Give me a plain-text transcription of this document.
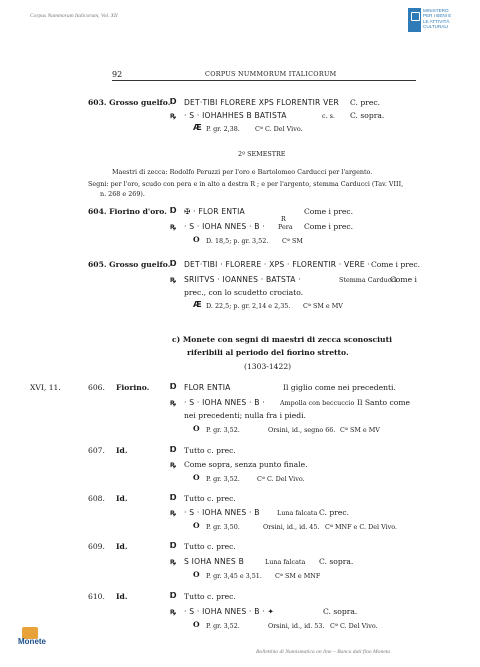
Corpus Nummorum Italicorum, Vol. XII
MINISTERO
PER I BENI E
LE ATTIVITÀ
CULTURALI
92	CORPUS NUMMORUM ITALICORUM
603. Grosso guelfo. Ɒ DET·TIBI FLORERE XPS FLORENTIR VER C. prec.
ꝶ · S · IOHAHHES B BATISTA	c. s. C. sopra.
Æ P. gr. 2,38. Cª C. Del Vivo.
2º SEMESTRE
Maestri di zecca: Rodolfo Peruzzi per l'oro e Bartolomeo Carducci per l'argento.
Segni: per l'oro, scudo con pera e in alto a destra R ; e per l'argento, stemma Carducci (Tav. VIII,
n. 268 e 269).
604. Fiorino d'oro. Ɒ ✠ · FLOR ENTIA	Come i prec.
ꝶ · S · IOHA NNES · B ·
R
Pera Come i prec.
O D. 18,5; p. gr. 3,52. Cª SM
605. Grosso guelfo. Ɒ DET·TIBI · FLORERE · XPS · FLORENTIR · VERE · Come i prec.
ꝶ SRIITVS · IOANNES · BATSTA ·	Stemma Carducci
Come i
prec., con lo scudetto crociato.
Æ D. 22,5; p. gr. 2,14 e 2,35. Cª SM e MV
c) Monete con segni di maestri di zecca sconosciuti
riferibili al periodo del fiorino stretto.
(1303-1422)
XVI, 11.	606. Fiorino.	Ɒ FLOR ENTIA	Il giglio come nei precedenti.
ꝶ · S · IOHA NNES · B · Ampolla con beccuccio Il Santo come
nei precedenti; nulla fra i piedi.
O P. gr. 3,52.	Orsini, id., segno 66. Cª SM e MV
607. Id.	Ɒ Tutto c. prec.
ꝶ Come sopra, senza punto finale.
O P. gr. 3,52.	Cª C. Del Vivo.
608. Id.	Ɒ Tutto c. prec.
ꝶ · S · IOHA NNES · B	Luna falcata C. prec.
O P. gr. 3,50.	Orsini, id., id. 45. Cª MNF e C. Del Vivo.
609. Id.	Ɒ Tutto c. prec.
ꝶ S IOHA NNES B	Luna falcata C. sopra.
O P. gr. 3,45 e 3,51. Cª SM e MNF
610. Id.	Ɒ Tutto c. prec.
ꝶ · S · IOHA NNES · B · ✦	C. sopra.
O P. gr. 3,52.	Orsini, id., id. 53. Cª C. Del Vivo.
Monete
Bollettino di Numismatica on line – Banca dati fino Moneta
